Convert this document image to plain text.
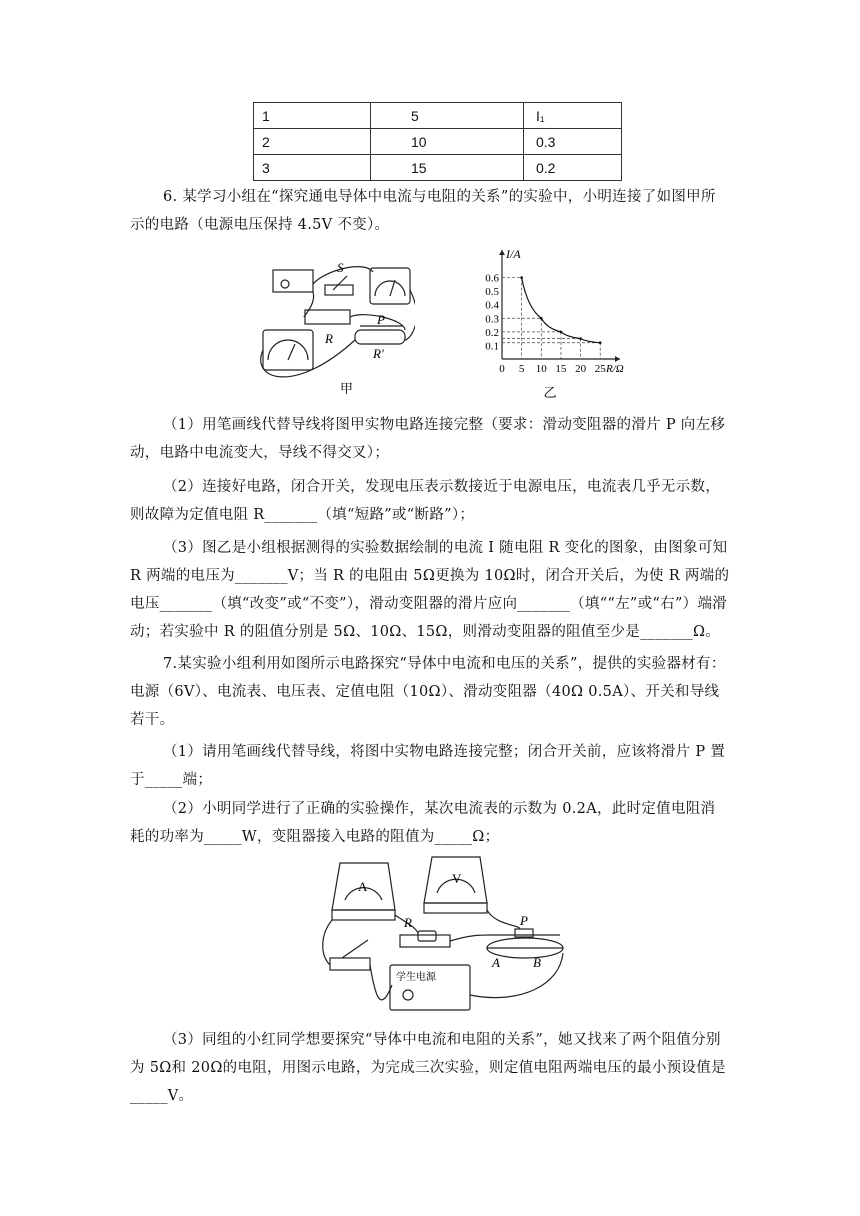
1	5	I₁
2	10	0.3
3	15	0.2

6. 某学习小组在“探究通电导体中电流与电阻的关系”的实验中，小明连接了如图甲所示的电路（电源电压保持 4.5V 不变）。

S
R
P
R′
甲
0 5 10 15 20 25
0.1
0.2
0.3
0.4
0.5
0.6
I/A
R/Ω
乙

（1）用笔画线代替导线将图甲实物电路连接完整（要求：滑动变阻器的滑片 P 向左移动，电路中电流变大，导线不得交叉）；

（2）连接好电路，闭合开关，发现电压表示数接近于电源电压，电流表几乎无示数，则故障为定值电阻 R_______（填“短路”或“断路”）；

（3）图乙是小组根据测得的实验数据绘制的电流 I 随电阻 R 变化的图象，由图象可知 R 两端的电压为_______V；当 R 的电阻由 5Ω更换为 10Ω时，闭合开关后，为使 R 两端的电压_______（填“改变”或“不变”），滑动变阻器的滑片应向_______（填““左”或“右”）端滑动；若实验中 R 的阻值分别是 5Ω、10Ω、15Ω，则滑动变阻器的阻值至少是_______Ω。

7.某实验小组利用如图所示电路探究“导体中电流和电压的关系”，提供的实验器材有：电源（6V）、电流表、电压表、定值电阻（10Ω）、滑动变阻器（40Ω 0.5A）、开关和导线若干。

（1）请用笔画线代替导线，将图中实物电路连接完整；闭合开关前，应该将滑片 P 置于_____端；

（2）小明同学进行了正确的实验操作，某次电流表的示数为 0.2A，此时定值电阻消耗的功率为_____W，变阻器接入电路的阻值为_____Ω；

A
V
R	P
A	B
学生电源

（3）同组的小红同学想要探究“导体中电流和电阻的关系”，她又找来了两个阻值分别为 5Ω和 20Ω的电阻，用图示电路，为完成三次实验，则定值电阻两端电压的最小预设值是_____V。
